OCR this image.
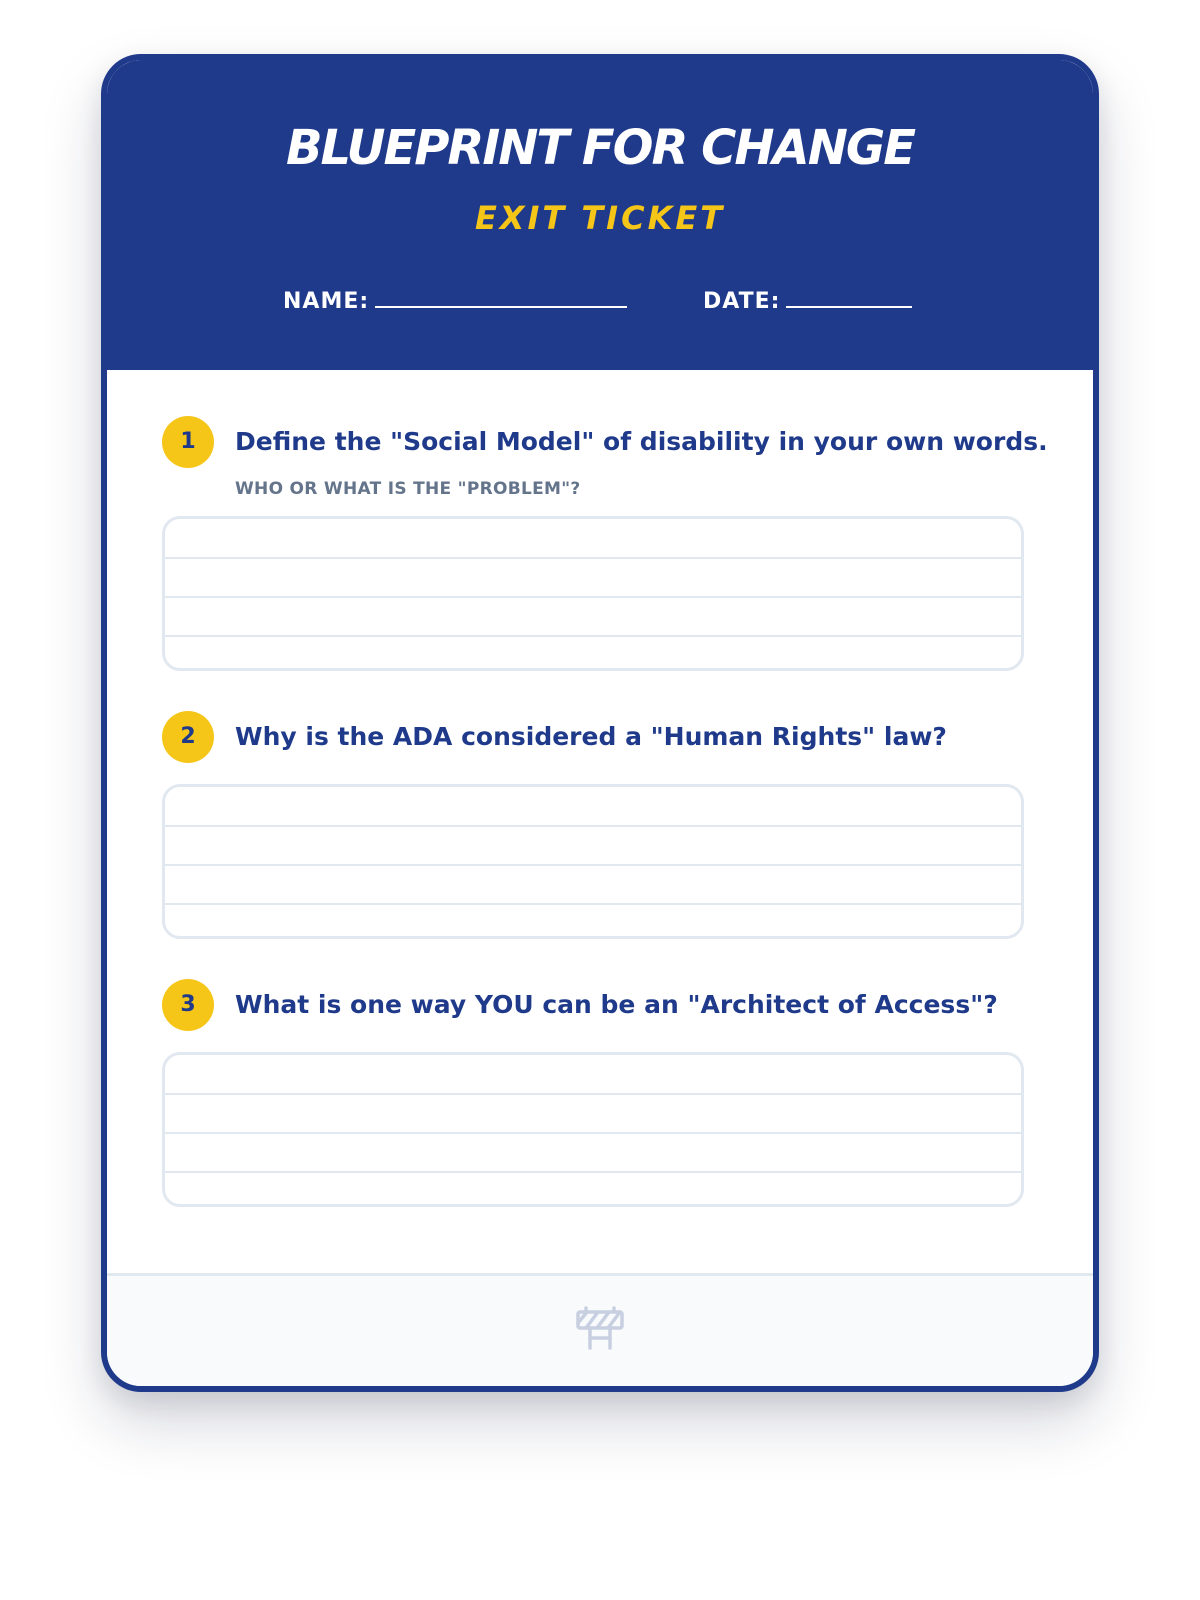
BLUEPRINT FOR CHANGE
EXIT TICKET
NAME:	DATE:
1	Define the "Social Model" of disability in your own words.
WHO OR WHAT IS THE "PROBLEM"?
2	Why is the ADA considered a "Human Rights" law?
3	What is one way YOU can be an "Architect of Access"?
